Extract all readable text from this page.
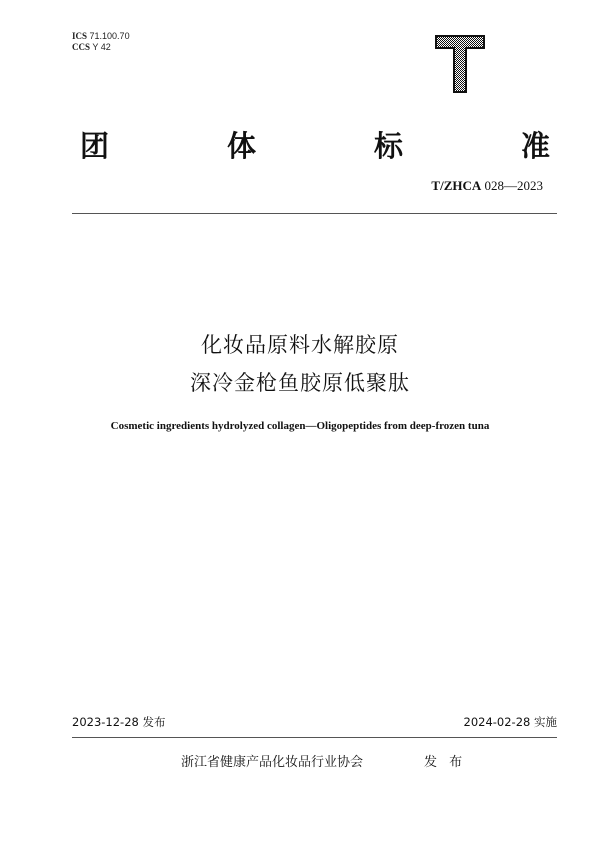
ICS 71.100.70
CCS Y 42
团	体	标	准
T/ZHCA 028—2023
化妆品原料水解胶原
深冷金枪鱼胶原低聚肽
Cosmetic ingredients hydrolyzed collagen—Oligopeptides from deep-frozen tuna
2023-12-28 发布	2024-02-28 实施
浙江省健康产品化妆品行业协会	发 布
